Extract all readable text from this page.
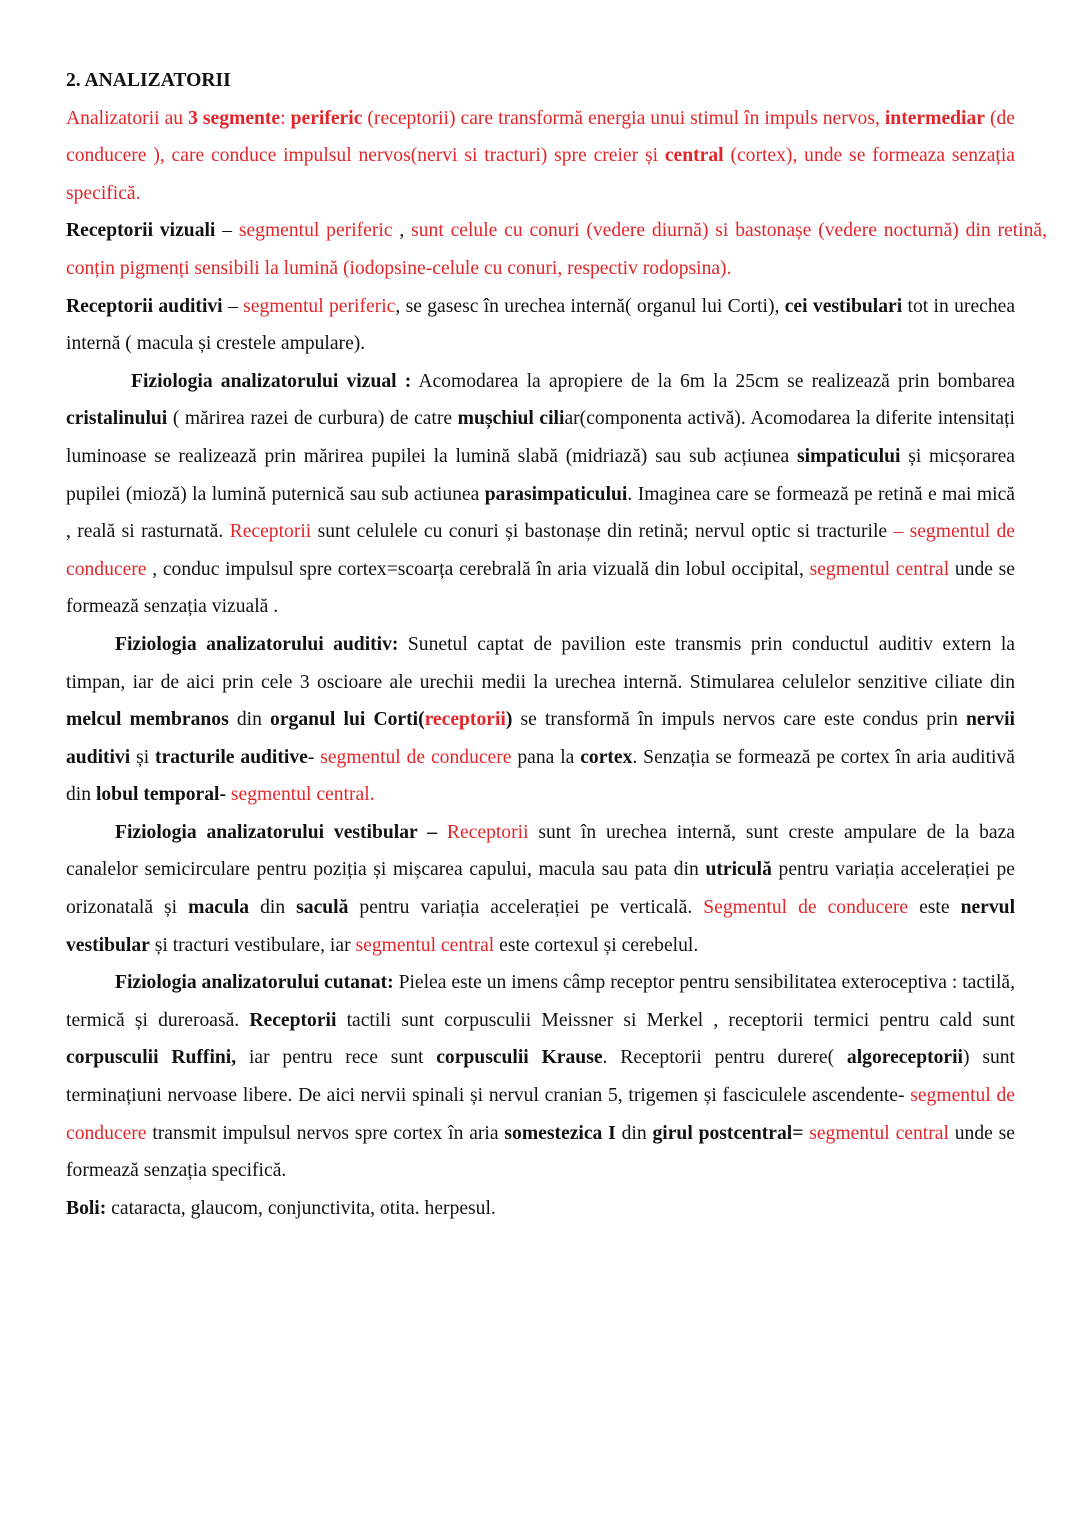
2. ANALIZATORII

Analizatorii au 3 segmente: periferic (receptorii) care transformă energia unui stimul în impuls nervos, intermediar (de conducere ), care conduce impulsul nervos(nervi si tracturi) spre creier și central (cortex), unde se formeaza senzația specifică.

Receptorii vizuali – segmentul periferic , sunt celule cu conuri (vedere diurnă) si bastonașe (vedere nocturnă) din retină, conțin pigmenți sensibili la lumină (iodopsine-celule cu conuri, respectiv rodopsina).

Receptorii auditivi – segmentul periferic, se gasesc în urechea internă( organul lui Corti), cei vestibulari tot in urechea internă ( macula și crestele ampulare).

Fiziologia analizatorului vizual : Acomodarea la apropiere de la 6m la 25cm se realizează prin bombarea cristalinului ( mărirea razei de curbura) de catre mușchiul ciliar(componenta activă). Acomodarea la diferite intensitați luminoase se realizează prin mărirea pupilei la lumină slabă (midriază) sau sub acțiunea simpaticului și micșorarea pupilei (mioză) la lumină puternică sau sub actiunea parasimpaticului. Imaginea care se formează pe retină e mai mică , reală si rasturnată. Receptorii sunt celulele cu conuri și bastonașe din retină; nervul optic si tracturile – segmentul de conducere , conduc impulsul spre cortex=scoarța cerebrală în aria vizuală din lobul occipital, segmentul central unde se formează senzația vizuală .

Fiziologia analizatorului auditiv: Sunetul captat de pavilion este transmis prin conductul auditiv extern la timpan, iar de aici prin cele 3 oscioare ale urechii medii la urechea internă. Stimularea celulelor senzitive ciliate din melcul membranos din organul lui Corti(receptorii) se transformă în impuls nervos care este condus prin nervii auditivi și tracturile auditive- segmentul de conducere pana la cortex. Senzația se formează pe cortex în aria auditivă din lobul temporal- segmentul central.

Fiziologia analizatorului vestibular – Receptorii sunt în urechea internă, sunt creste ampulare de la baza canalelor semicirculare pentru poziția și mișcarea capului, macula sau pata din utriculă pentru variația accelerației pe orizonatală și macula din saculă pentru variația accelerației pe verticală. Segmentul de conducere este nervul vestibular și tracturi vestibulare, iar segmentul central este cortexul și cerebelul.

Fiziologia analizatorului cutanat: Pielea este un imens câmp receptor pentru sensibilitatea exteroceptiva : tactilă, termică și dureroasă. Receptorii tactili sunt corpusculii Meissner si Merkel , receptorii termici pentru cald sunt corpusculii Ruffini, iar pentru rece sunt corpusculii Krause. Receptorii pentru durere( algoreceptorii) sunt terminațiuni nervoase libere. De aici nervii spinali și nervul cranian 5, trigemen și fasciculele ascendente- segmentul de conducere transmit impulsul nervos spre cortex în aria somestezica I din girul postcentral= segmentul central unde se formează senzația specifică.

Boli: cataracta, glaucom, conjunctivita, otita. herpesul.
